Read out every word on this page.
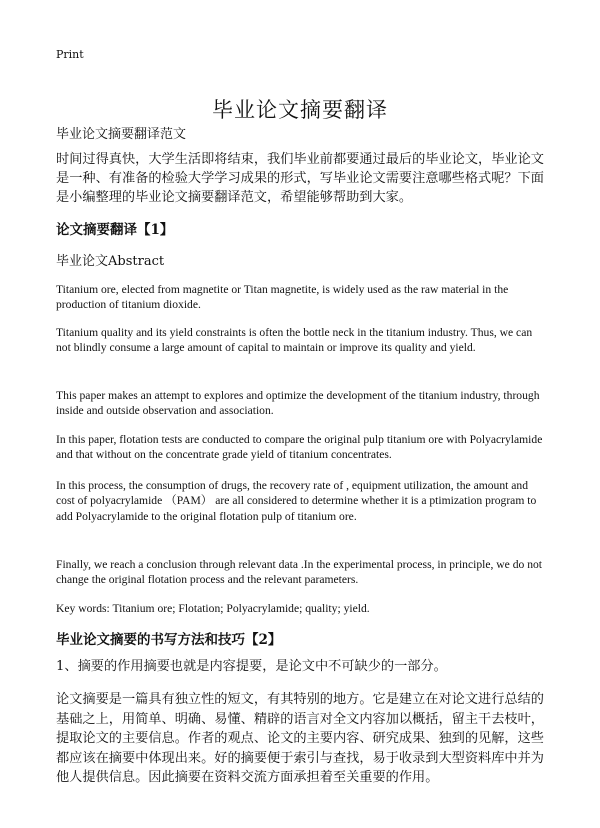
Print
毕业论文摘要翻译
毕业论文摘要翻译范文
时间过得真快，大学生活即将结束，我们毕业前都要通过最后的毕业论文，毕业论文是一种、有准备的检验大学学习成果的形式，写毕业论文需要注意哪些格式呢？下面是小编整理的毕业论文摘要翻译范文，希望能够帮助到大家。
论文摘要翻译【1】
毕业论文Abstract
Titanium ore, elected from magnetite or Titan magnetite, is widely used as the raw material in the production of titanium dioxide.
Titanium quality and its yield constraints is often the bottle neck in the titanium industry. Thus, we can not blindly consume a large amount of capital to maintain or improve its quality and yield.
This paper makes an attempt to explores and optimize the development of the titanium industry, through inside and outside observation and association.
In this paper, flotation tests are conducted to compare the original pulp titanium ore with Polyacrylamide and that without on the concentrate grade yield of titanium concentrates.
In this process, the consumption of drugs, the recovery rate of , equipment utilization, the amount and cost of polyacrylamide （PAM） are all considered to determine whether it is a ptimization program to add Polyacrylamide to the original flotation pulp of titanium ore.
Finally, we reach a conclusion through relevant data .In the experimental process, in principle, we do not change the original flotation process and the relevant parameters.
Key words: Titanium ore; Flotation; Polyacrylamide; quality; yield.
毕业论文摘要的书写方法和技巧【2】
1、摘要的作用摘要也就是内容提要，是论文中不可缺少的一部分。
论文摘要是一篇具有独立性的短文，有其特别的地方。它是建立在对论文进行总结的基础之上，用简单、明确、易懂、精辟的语言对全文内容加以概括，留主干去枝叶，提取论文的主要信息。作者的观点、论文的主要内容、研究成果、独到的见解，这些都应该在摘要中体现出来。好的摘要便于索引与查找，易于收录到大型资料库中并为他人提供信息。因此摘要在资料交流方面承担着至关重要的作用。
